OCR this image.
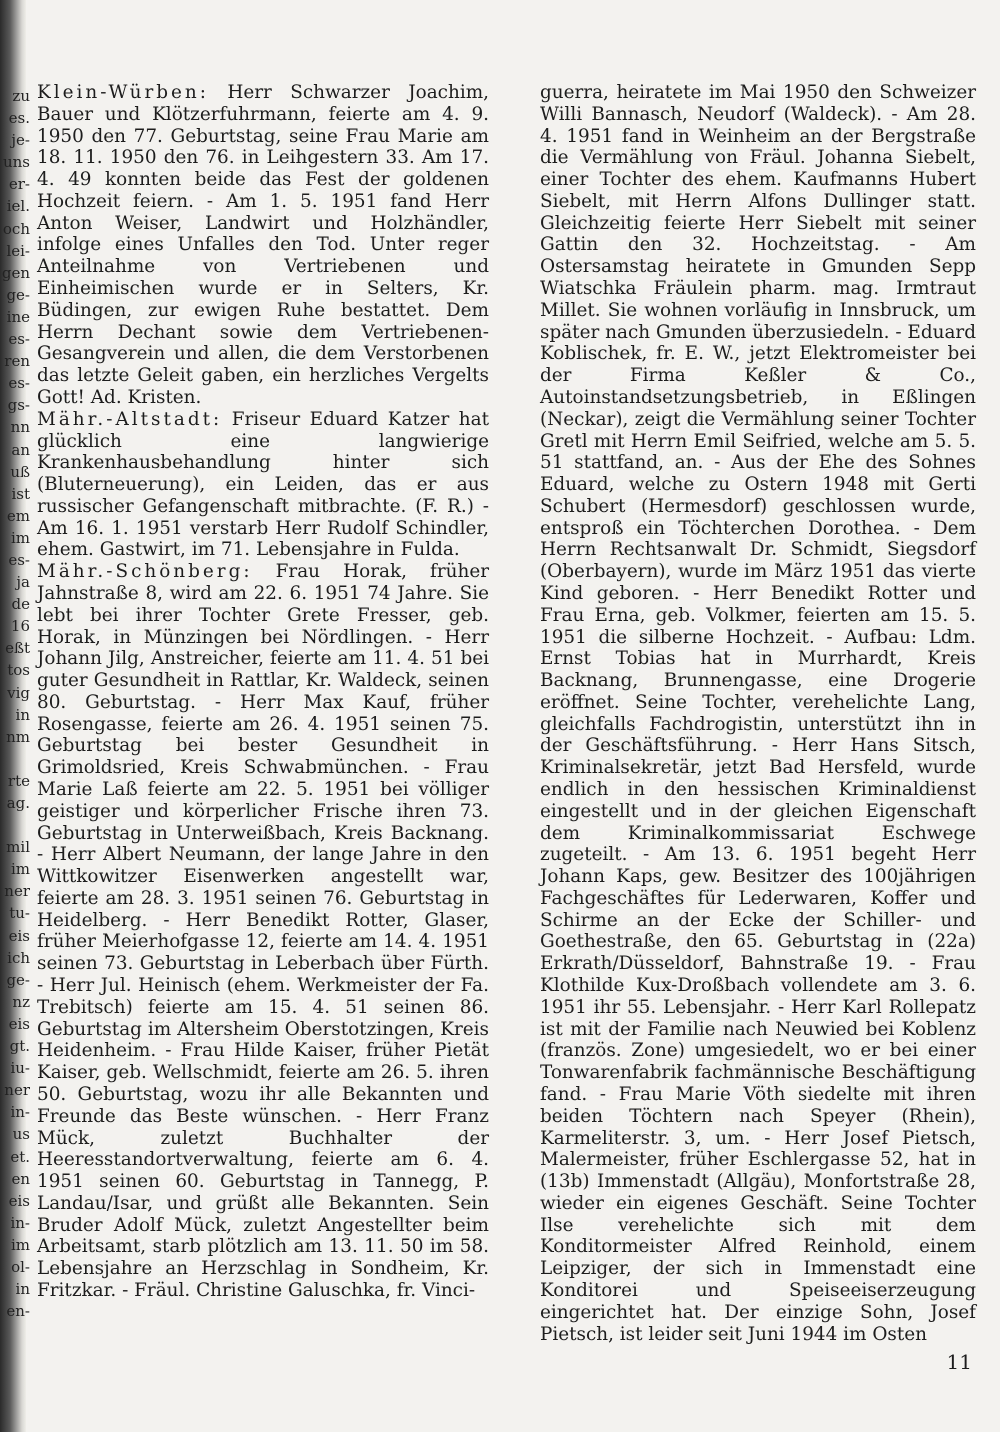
zu
es.
je-
uns
er-
iel.
och
lei-
gen
ge-
ine
es-
ren
es-
gs-
nn
an
uß
ist
em
im
es-
ja
de
16
eßt
tos
vig
in
nm
rte
ag.
mil
im
ner
tu-
eis
ich
ge-
nz
eis
gt.
iu-
ner
in-
us
et.
en
eis
in-
im
ol-
in
en-

Klein-Würben: Herr Schwarzer Joachim, Bauer und Klötzerfuhrmann, feierte am 4. 9. 1950 den 77. Geburtstag, seine Frau Marie am 18. 11. 1950 den 76. in Leihgestern 33. Am 17. 4. 49 konnten beide das Fest der goldenen Hochzeit feiern. - Am 1. 5. 1951 fand Herr Anton Weiser, Landwirt und Holzhändler, infolge eines Unfalles den Tod. Unter reger Anteilnahme von Vertriebenen und Einheimischen wurde er in Selters, Kr. Büdingen, zur ewigen Ruhe bestattet. Dem Herrn Dechant sowie dem Vertriebenen-Gesangverein und allen, die dem Verstorbenen das letzte Geleit gaben, ein herzliches Vergelts Gott! Ad. Kristen.

Mähr.-Altstadt: Friseur Eduard Katzer hat glücklich eine langwierige Krankenhausbehandlung hinter sich (Bluterneuerung), ein Leiden, das er aus russischer Gefangenschaft mitbrachte. (F. R.) - Am 16. 1. 1951 verstarb Herr Rudolf Schindler, ehem. Gastwirt, im 71. Lebensjahre in Fulda.

Mähr.-Schönberg: Frau Horak, früher Jahnstraße 8, wird am 22. 6. 1951 74 Jahre. Sie lebt bei ihrer Tochter Grete Fresser, geb. Horak, in Münzingen bei Nördlingen. - Herr Johann Jilg, Anstreicher, feierte am 11. 4. 51 bei guter Gesundheit in Rattlar, Kr. Waldeck, seinen 80. Geburtstag. - Herr Max Kauf, früher Rosengasse, feierte am 26. 4. 1951 seinen 75. Geburtstag bei bester Gesundheit in Grimoldsried, Kreis Schwabmünchen. - Frau Marie Laß feierte am 22. 5. 1951 bei völliger geistiger und körperlicher Frische ihren 73. Geburtstag in Unterweißbach, Kreis Backnang. - Herr Albert Neumann, der lange Jahre in den Wittkowitzer Eisenwerken angestellt war, feierte am 28. 3. 1951 seinen 76. Geburtstag in Heidelberg. - Herr Benedikt Rotter, Glaser, früher Meierhofgasse 12, feierte am 14. 4. 1951 seinen 73. Geburtstag in Leberbach über Fürth. - Herr Jul. Heinisch (ehem. Werkmeister der Fa. Trebitsch) feierte am 15. 4. 51 seinen 86. Geburtstag im Altersheim Oberstotzingen, Kreis Heidenheim. - Frau Hilde Kaiser, früher Pietät Kaiser, geb. Wellschmidt, feierte am 26. 5. ihren 50. Geburtstag, wozu ihr alle Bekannten und Freunde das Beste wünschen. - Herr Franz Mück, zuletzt Buchhalter der Heeresstandortverwaltung, feierte am 6. 4. 1951 seinen 60. Geburtstag in Tannegg, P. Landau/Isar, und grüßt alle Bekannten. Sein Bruder Adolf Mück, zuletzt Angestellter beim Arbeitsamt, starb plötzlich am 13. 11. 50 im 58. Lebensjahre an Herzschlag in Sondheim, Kr. Fritzkar. - Fräul. Christine Galuschka, fr. Vinci-

guerra, heiratete im Mai 1950 den Schweizer Willi Bannasch, Neudorf (Waldeck). - Am 28. 4. 1951 fand in Weinheim an der Bergstraße die Vermählung von Fräul. Johanna Siebelt, einer Tochter des ehem. Kaufmanns Hubert Siebelt, mit Herrn Alfons Dullinger statt. Gleichzeitig feierte Herr Siebelt mit seiner Gattin den 32. Hochzeitstag. - Am Ostersamstag heiratete in Gmunden Sepp Wiatschka Fräulein pharm. mag. Irmtraut Millet. Sie wohnen vorläufig in Innsbruck, um später nach Gmunden überzusiedeln. - Eduard Koblischek, fr. E. W., jetzt Elektromeister bei der Firma Keßler & Co., Autoinstandsetzungsbetrieb, in Eßlingen (Neckar), zeigt die Vermählung seiner Tochter Gretl mit Herrn Emil Seifried, welche am 5. 5. 51 stattfand, an. - Aus der Ehe des Sohnes Eduard, welche zu Ostern 1948 mit Gerti Schubert (Hermesdorf) geschlossen wurde, entsproß ein Töchterchen Dorothea. - Dem Herrn Rechtsanwalt Dr. Schmidt, Siegsdorf (Oberbayern), wurde im März 1951 das vierte Kind geboren. - Herr Benedikt Rotter und Frau Erna, geb. Volkmer, feierten am 15. 5. 1951 die silberne Hochzeit. - Aufbau: Ldm. Ernst Tobias hat in Murrhardt, Kreis Backnang, Brunnengasse, eine Drogerie eröffnet. Seine Tochter, verehelichte Lang, gleichfalls Fachdrogistin, unterstützt ihn in der Geschäftsführung. - Herr Hans Sitsch, Kriminalsekretär, jetzt Bad Hersfeld, wurde endlich in den hessischen Kriminaldienst eingestellt und in der gleichen Eigenschaft dem Kriminalkommissariat Eschwege zugeteilt. - Am 13. 6. 1951 begeht Herr Johann Kaps, gew. Besitzer des 100jährigen Fachgeschäftes für Lederwaren, Koffer und Schirme an der Ecke der Schiller- und Goethestraße, den 65. Geburtstag in (22a) Erkrath/Düsseldorf, Bahnstraße 19. - Frau Klothilde Kux-Droßbach vollendete am 3. 6. 1951 ihr 55. Lebensjahr. - Herr Karl Rollepatz ist mit der Familie nach Neuwied bei Koblenz (französ. Zone) umgesiedelt, wo er bei einer Tonwarenfabrik fachmännische Beschäftigung fand. - Frau Marie Vöth siedelte mit ihren beiden Töchtern nach Speyer (Rhein), Karmeliterstr. 3, um. - Herr Josef Pietsch, Malermeister, früher Eschlergasse 52, hat in (13b) Immenstadt (Allgäu), Monfortstraße 28, wieder ein eigenes Geschäft. Seine Tochter Ilse verehelichte sich mit dem Konditormeister Alfred Reinhold, einem Leipziger, der sich in Immenstadt eine Konditorei und Speiseeiserzeugung eingerichtet hat. Der einzige Sohn, Josef Pietsch, ist leider seit Juni 1944 im Osten

11
